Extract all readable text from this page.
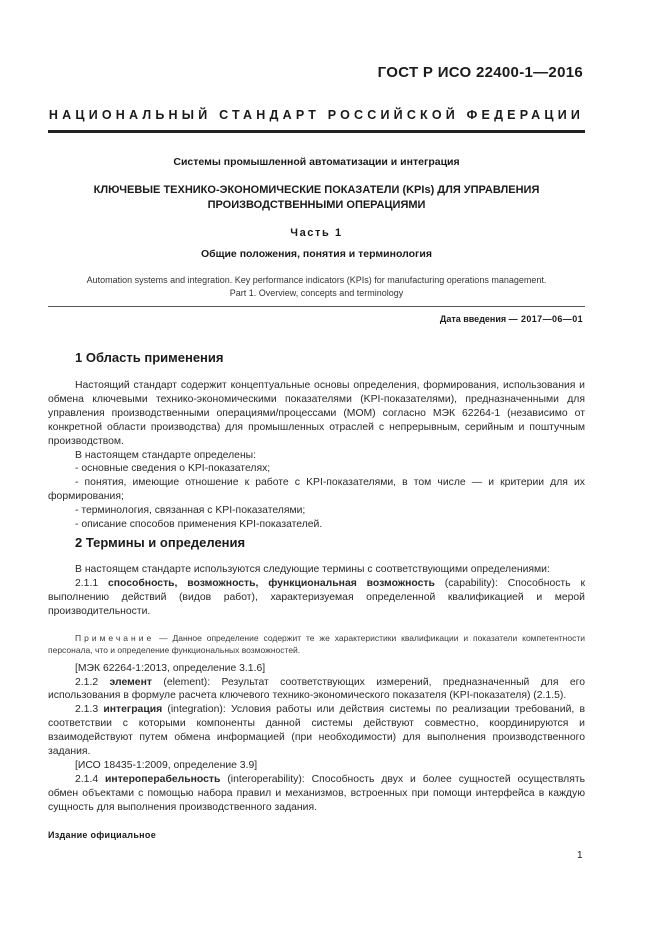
ГОСТ Р ИСО 22400-1—2016
НАЦИОНАЛЬНЫЙ СТАНДАРТ РОССИЙСКОЙ ФЕДЕРАЦИИ
Системы промышленной автоматизации и интеграция
КЛЮЧЕВЫЕ ТЕХНИКО-ЭКОНОМИЧЕСКИЕ ПОКАЗАТЕЛИ (KPIs) ДЛЯ УПРАВЛЕНИЯ
ПРОИЗВОДСТВЕННЫМИ ОПЕРАЦИЯМИ
Часть 1
Общие положения, понятия и терминология
Automation systems and integration. Key performance indicators (KPIs) for manufacturing operations management.
Part 1. Overview, concepts and terminology
Дата введения — 2017—06—01
1 Область применения

Настоящий стандарт содержит концептуальные основы определения, формирования, использования и обмена ключевыми технико-экономическими показателями (KPI-показателями), предназначенными для управления производственными операциями/процессами (МОМ) согласно МЭК 62264-1 (независимо от конкретной области производства) для промышленных отраслей с непрерывным, серийным и поштучным производством.

В настоящем стандарте определены:

- основные сведения о KPI-показателях;

- понятия, имеющие отношение к работе с KPI-показателями, в том числе — и критерии для их формирования;

- терминология, связанная с KPI-показателями;

- описание способов применения KPI-показателей.

2 Термины и определения

В настоящем стандарте используются следующие термины с соответствующими определениями:

2.1.1 способность, возможность, функциональная возможность (capability): Способность к выполнению действий (видов работ), характеризуемая определенной квалификацией и мерой производительности.

Примечание — Данное определение содержит те же характеристики квалификации и показатели компетентности персонала, что и определение функциональных возможностей.

[МЭК 62264-1:2013, определение 3.1.6]

2.1.2 элемент (element): Результат соответствующих измерений, предназначенный для его использования в формуле расчета ключевого технико-экономического показателя (KPI-показателя) (2.1.5).

2.1.3 интеграция (integration): Условия работы или действия системы по реализации требований, в соответствии с которыми компоненты данной системы действуют совместно, координируются и взаимодействуют путем обмена информацией (при необходимости) для выполнения производственного задания.

[ИСО 18435-1:2009, определение 3.9]

2.1.4 интероперабельность (interoperability): Способность двух и более сущностей осуществлять обмен объектами с помощью набора правил и механизмов, встроенных при помощи интерфейса в каждую сущность для выполнения производственного задания.

Издание официальное
1
